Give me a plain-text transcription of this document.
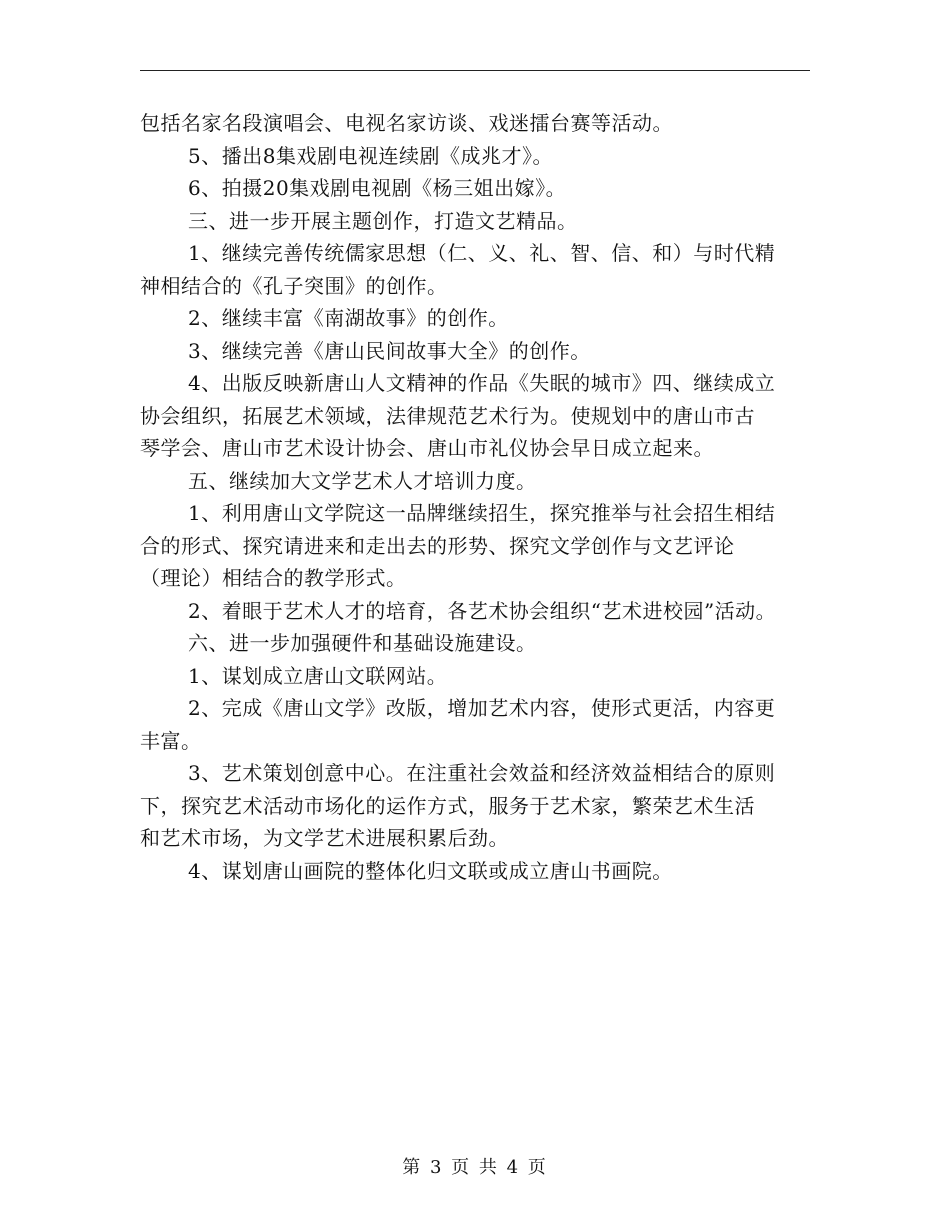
包括名家名段演唱会、电视名家访谈、戏迷擂台赛等活动。
5、播出8集戏剧电视连续剧《成兆才》。
6、拍摄20集戏剧电视剧《杨三姐出嫁》。
三、进一步开展主题创作，打造文艺精品。
1、继续完善传统儒家思想（仁、义、礼、智、信、和）与时代精
神相结合的《孔子突围》的创作。
2、继续丰富《南湖故事》的创作。
3、继续完善《唐山民间故事大全》的创作。
4、出版反映新唐山人文精神的作品《失眠的城市》四、继续成立
协会组织，拓展艺术领域，法律规范艺术行为。使规划中的唐山市古
琴学会、唐山市艺术设计协会、唐山市礼仪协会早日成立起来。
五、继续加大文学艺术人才培训力度。
1、利用唐山文学院这一品牌继续招生，探究推举与社会招生相结
合的形式、探究请进来和走出去的形势、探究文学创作与文艺评论
（理论）相结合的教学形式。
2、着眼于艺术人才的培育，各艺术协会组织“艺术进校园”活动。
六、进一步加强硬件和基础设施建设。
1、谋划成立唐山文联网站。
2、完成《唐山文学》改版，增加艺术内容，使形式更活，内容更
丰富。
3、艺术策划创意中心。在注重社会效益和经济效益相结合的原则
下，探究艺术活动市场化的运作方式，服务于艺术家，繁荣艺术生活
和艺术市场，为文学艺术进展积累后劲。
4、谋划唐山画院的整体化归文联或成立唐山书画院。
第 3 页 共 4 页
